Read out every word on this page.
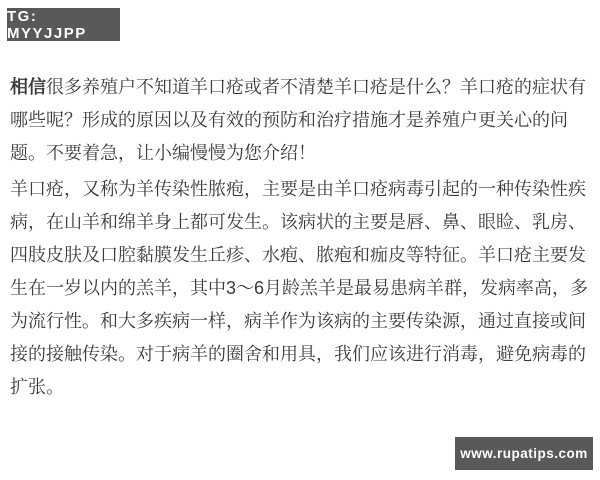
TG: MYYJJPP
相信很多养殖户不知道羊口疮或者不清楚羊口疮是什么？羊口疮的症状有
哪些呢？形成的原因以及有效的预防和治疗措施才是养殖户更关心的问
题。不要着急，让小编慢慢为您介绍！
羊口疮，又称为羊传染性脓疱，主要是由羊口疮病毒引起的一种传染性疾
病，在山羊和绵羊身上都可发生。该病状的主要是唇、鼻、眼睑、乳房、
四肢皮肤及口腔黏膜发生丘疹、水疱、脓疱和痂皮等特征。羊口疮主要发
生在一岁以内的羔羊，其中3～6月龄羔羊是最易患病羊群，发病率高，多
为流行性。和大多疾病一样，病羊作为该病的主要传染源，通过直接或间
接的接触传染。对于病羊的圈舍和用具，我们应该进行消毒，避免病毒的
扩张。
www.rupatips.com
